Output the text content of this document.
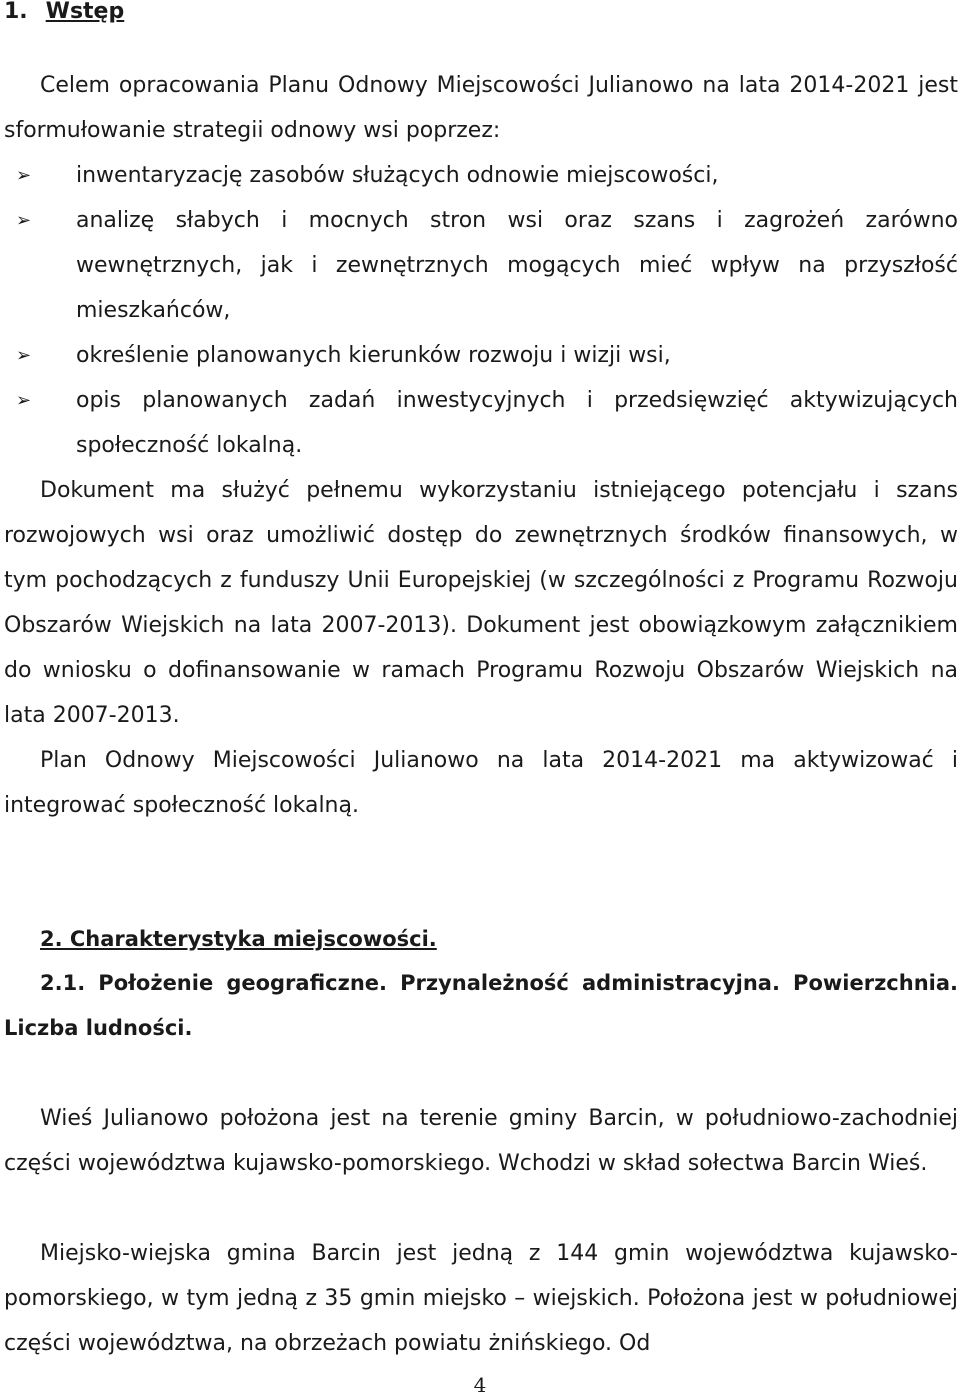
1. Wstęp
Celem opracowania Planu Odnowy Miejscowości Julianowo na lata 2014-2021 jest sformułowanie strategii odnowy wsi poprzez:
➢ inwentaryzację zasobów służących odnowie miejscowości,
➢ analizę słabych i mocnych stron wsi oraz szans i zagrożeń zarówno wewnętrznych, jak i zewnętrznych mogących mieć wpływ na przyszłość mieszkańców,
➢ określenie planowanych kierunków rozwoju i wizji wsi,
➢ opis planowanych zadań inwestycyjnych i przedsięwzięć aktywizujących społeczność lokalną.
Dokument ma służyć pełnemu wykorzystaniu istniejącego potencjału i szans rozwojowych wsi oraz umożliwić dostęp do zewnętrznych środków finansowych, w tym pochodzących z funduszy Unii Europejskiej (w szczególności z Programu Rozwoju Obszarów Wiejskich na lata 2007-2013). Dokument jest obowiązkowym załącznikiem do wniosku o dofinansowanie w ramach Programu Rozwoju Obszarów Wiejskich na lata 2007-2013.
Plan Odnowy Miejscowości Julianowo na lata 2014-2021 ma aktywizować i integrować społeczność lokalną.
2. Charakterystyka miejscowości.
2.1. Położenie geograficzne. Przynależność administracyjna. Powierzchnia. Liczba ludności.
Wieś Julianowo położona jest na terenie gminy Barcin, w południowo-zachodniej części województwa kujawsko-pomorskiego. Wchodzi w skład sołectwa Barcin Wieś.
Miejsko-wiejska gmina Barcin jest jedną z 144 gmin województwa kujawsko-pomorskiego, w tym jedną z 35 gmin miejsko – wiejskich. Położona jest w południowej części województwa, na obrzeżach powiatu żnińskiego. Od
4
